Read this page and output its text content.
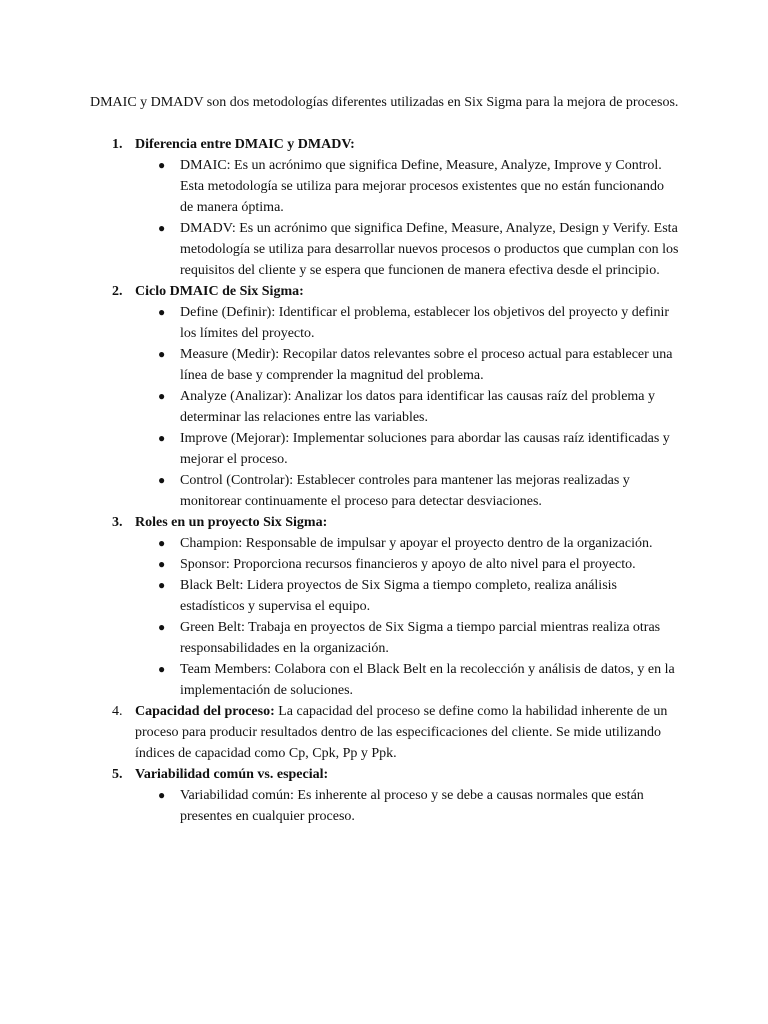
DMAIC y DMADV son dos metodologías diferentes utilizadas en Six Sigma para la mejora de procesos.

1. Diferencia entre DMAIC y DMADV:
● DMAIC: Es un acrónimo que significa Define, Measure, Analyze, Improve y Control. Esta metodología se utiliza para mejorar procesos existentes que no están funcionando de manera óptima.
● DMADV: Es un acrónimo que significa Define, Measure, Analyze, Design y Verify. Esta metodología se utiliza para desarrollar nuevos procesos o productos que cumplan con los requisitos del cliente y se espera que funcionen de manera efectiva desde el principio.
2. Ciclo DMAIC de Six Sigma:
● Define (Definir): Identificar el problema, establecer los objetivos del proyecto y definir los límites del proyecto.
● Measure (Medir): Recopilar datos relevantes sobre el proceso actual para establecer una línea de base y comprender la magnitud del problema.
● Analyze (Analizar): Analizar los datos para identificar las causas raíz del problema y determinar las relaciones entre las variables.
● Improve (Mejorar): Implementar soluciones para abordar las causas raíz identificadas y mejorar el proceso.
● Control (Controlar): Establecer controles para mantener las mejoras realizadas y monitorear continuamente el proceso para detectar desviaciones.
3. Roles en un proyecto Six Sigma:
● Champion: Responsable de impulsar y apoyar el proyecto dentro de la organización.
● Sponsor: Proporciona recursos financieros y apoyo de alto nivel para el proyecto.
● Black Belt: Lidera proyectos de Six Sigma a tiempo completo, realiza análisis estadísticos y supervisa el equipo.
● Green Belt: Trabaja en proyectos de Six Sigma a tiempo parcial mientras realiza otras responsabilidades en la organización.
● Team Members: Colabora con el Black Belt en la recolección y análisis de datos, y en la implementación de soluciones.
4. Capacidad del proceso: La capacidad del proceso se define como la habilidad inherente de un proceso para producir resultados dentro de las especificaciones del cliente. Se mide utilizando índices de capacidad como Cp, Cpk, Pp y Ppk.
5. Variabilidad común vs. especial:
● Variabilidad común: Es inherente al proceso y se debe a causas normales que están presentes en cualquier proceso.
